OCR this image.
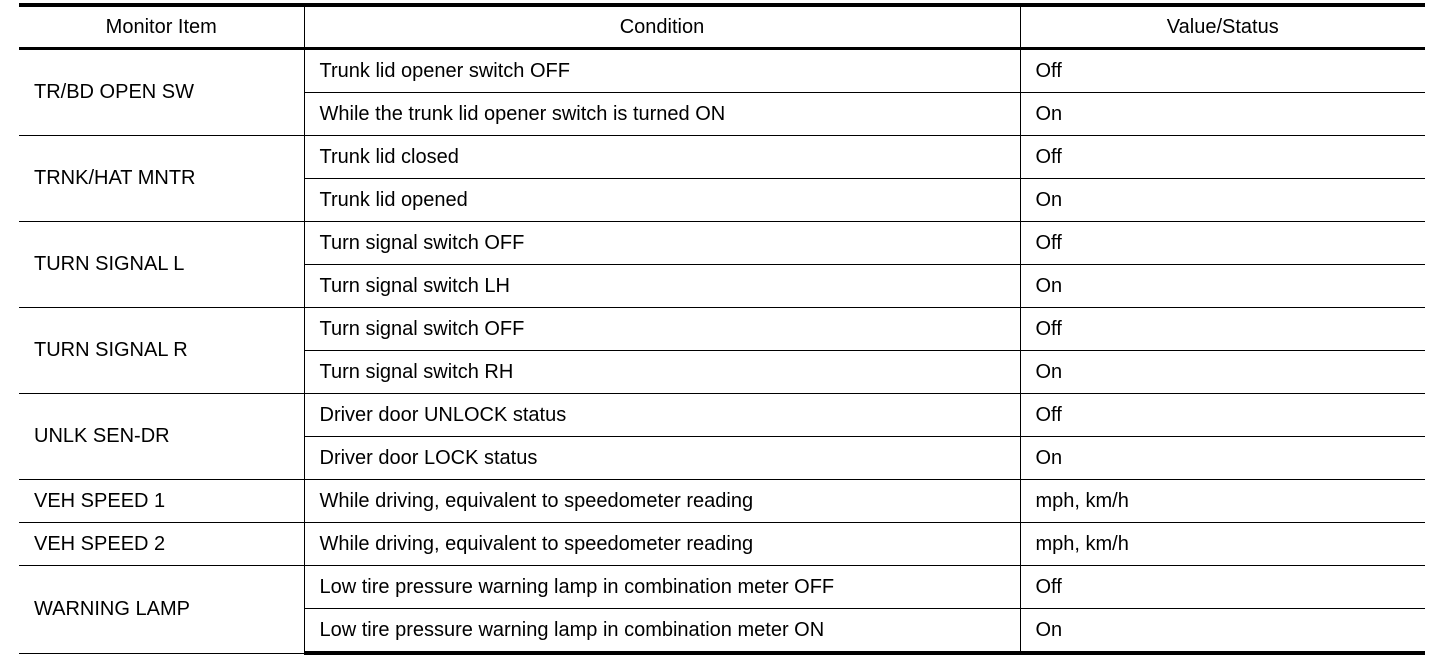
Monitor Item	Condition	Value/Status
TR/BD OPEN SW	Trunk lid opener switch OFF	Off
	While the trunk lid opener switch is turned ON	On
TRNK/HAT MNTR	Trunk lid closed	Off
	Trunk lid opened	On
TURN SIGNAL L	Turn signal switch OFF	Off
	Turn signal switch LH	On
TURN SIGNAL R	Turn signal switch OFF	Off
	Turn signal switch RH	On
UNLK SEN-DR	Driver door UNLOCK status	Off
	Driver door LOCK status	On
VEH SPEED 1	While driving, equivalent to speedometer reading	mph, km/h
VEH SPEED 2	While driving, equivalent to speedometer reading	mph, km/h
WARNING LAMP	Low tire pressure warning lamp in combination meter OFF	Off
	Low tire pressure warning lamp in combination meter ON	On
